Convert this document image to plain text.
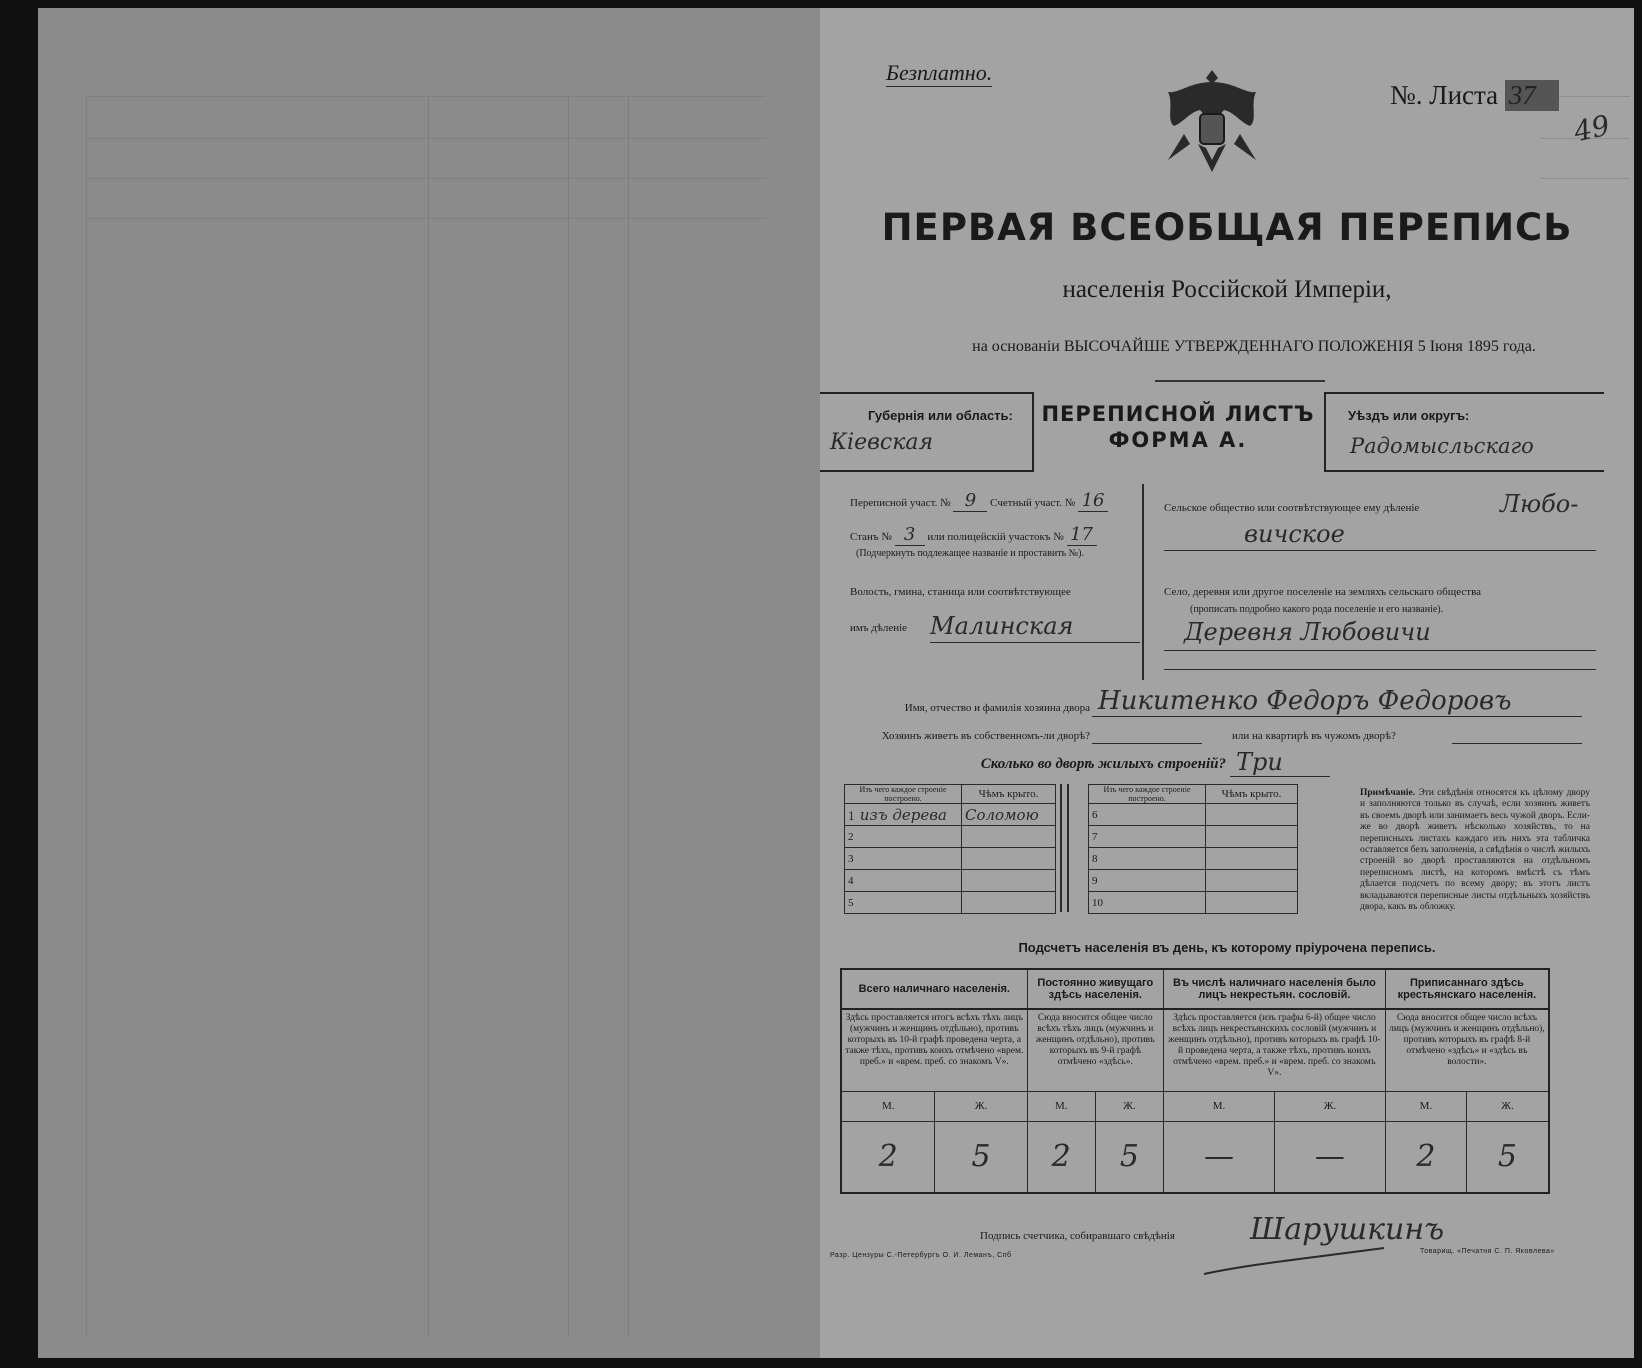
Безплатно.
№. Листа 37
49
ПЕРВАЯ ВСЕОБЩАЯ ПЕРЕПИСЬ
населенія Россійской Имперіи,
на основаніи ВЫСОЧАЙШЕ УТВЕРЖДЕННАГО ПОЛОЖЕНІЯ 5 Іюня 1895 года.
Губернія или область:
Кіевская
ПЕРЕПИСНОЙ ЛИСТЪ
ФОРМА А.
Уѣздъ или округъ:
Радомысльскаго
Переписной участ. № 9 Счетный участ. № 16
Станъ № 3 или полицейскій участокъ № 17
(Подчеркнуть подлежащее названіе и проставить №).
Волость, гмина, станица или соотвѣтствующее
имъ дѣленіе Малинская
Сельское общество или соотвѣтствующее ему дѣленіе	Любо-
вичское
Село, деревня или другое поселеніе на земляхъ сельскаго общества
(прописать подробно какого рода поселеніе и его названіе).
Деревня Любовичи
Имя, отчество и фамилія хозяина двора Никитенко Федоръ Федоровъ
Хозяинъ живетъ въ собственномъ-ли дворѣ?	или на квартирѣ въ чужомъ дворѣ?
Сколько во дворѣ жилыхъ строеній? Три
Изъ чего каждое строеніе построено.	Чѣмъ крыто.
1 изъ дерева	Соломою
2	
3	
4	
5	
Изъ чего каждое строеніе построено.	Чѣмъ крыто.
6	
7	
8	
9	
10	
Примѣчаніе. Эти свѣдѣнія относятся къ цѣлому двору и заполняются только въ случаѣ, если хозяинъ живетъ въ своемъ дворѣ или занимаетъ весь чужой дворъ. Если-же во дворѣ живетъ нѣсколько хозяйствъ, то на переписныхъ листахъ каждаго изъ нихъ эта табличка оставляется безъ заполненія, а свѣдѣнія о числѣ жилыхъ строеній во дворѣ проставляются на отдѣльномъ переписномъ листѣ, на которомъ вмѣстѣ съ тѣмъ дѣлается подсчетъ по всему двору; въ этотъ листъ вкладываются переписные листы отдѣльныхъ хозяйствъ двора, какъ въ обложку.
Подсчетъ населенія въ день, къ которому пріурочена перепись.
Всего наличнаго населенія.		Постоянно живущаго здѣсь населенія.		Въ числѣ наличнаго населенія было лицъ некрестьян. сословій.		Приписаннаго здѣсь крестьянскаго населенія.	
Здѣсь проставляется итогъ всѣхъ тѣхъ лицъ (мужчинъ и женщинъ отдѣльно), противъ которыхъ въ 10-й графѣ проведена черта, а также тѣхъ, противъ коихъ отмѣчено «врем. преб.» и «врем. преб. со знакомъ V».		Сюда вносится общее число всѣхъ тѣхъ лицъ (мужчинъ и женщинъ отдѣльно), противъ которыхъ въ 9-й графѣ отмѣчено «здѣсь».		Здѣсь проставляется (изъ графы 6-й) общее число всѣхъ лицъ некрестьянскихъ сословій (мужчинъ и женщинъ отдѣльно), противъ которыхъ въ графѣ 10-й проведена черта, а также тѣхъ, противъ коихъ отмѣчено «врем. преб.» и «врем. преб. со знакомъ V».		Сюда вносится общее число всѣхъ лицъ (мужчинъ и женщинъ отдѣльно), противъ которыхъ въ графѣ 8-й отмѣчено «здѣсь» и «здѣсь въ волости».	
М.	Ж.	М.	Ж.	М.	Ж.	М.	Ж.
2	5	2	5	—	—	2	5
Подпись счетчика, собиравшаго свѣдѣнія	Шарушкинъ
Разр. Цензуры С.-Петербургъ О. И. Леманъ, Спб
Товарищ. «Печатня С. П. Яковлева»
